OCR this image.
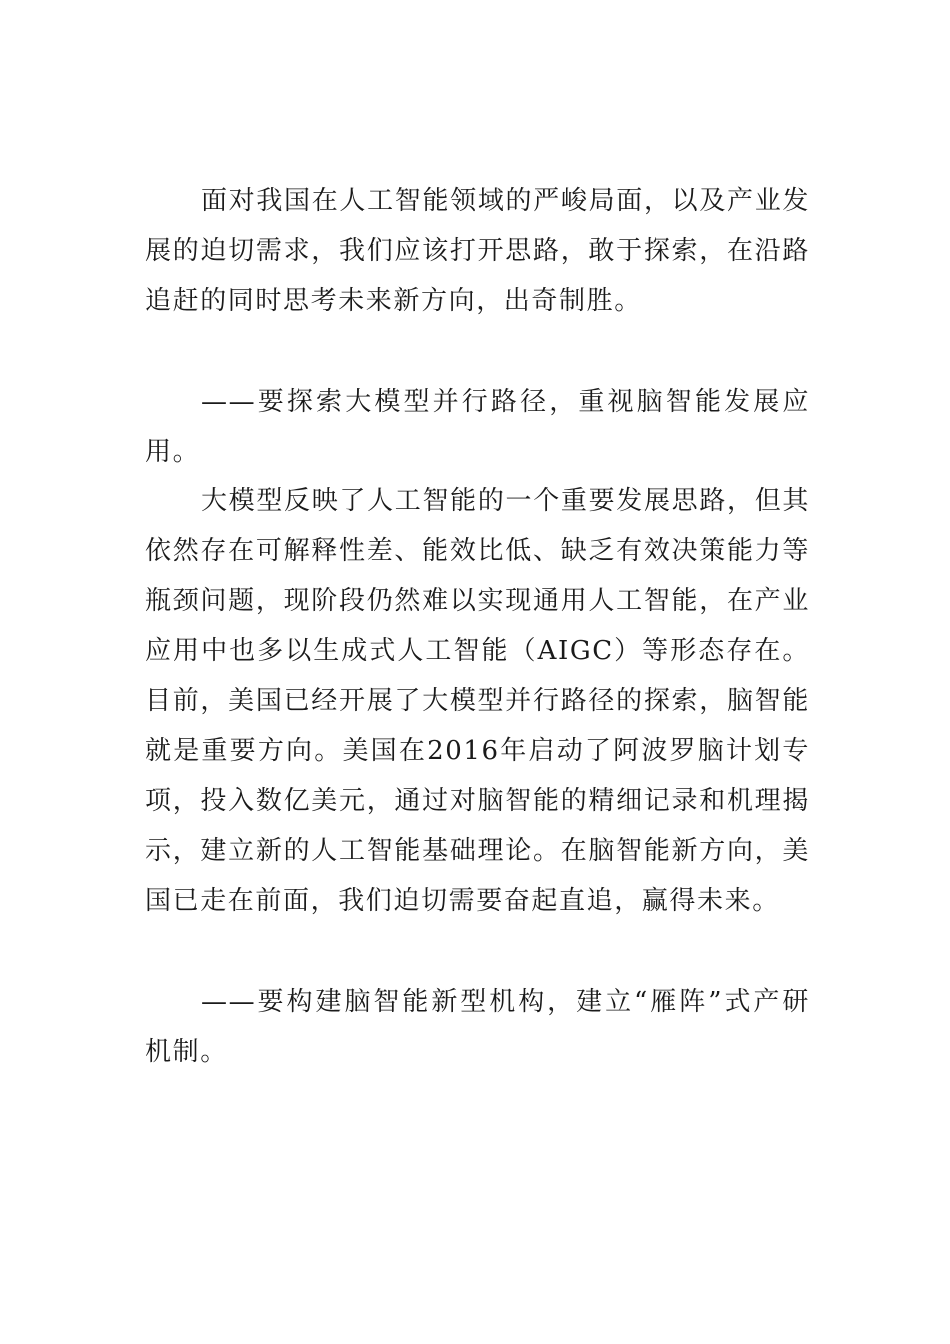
面对我国在人工智能领域的严峻局面，以及产业发展的迫切需求，我们应该打开思路，敢于探索，在沿路追赶的同时思考未来新方向，出奇制胜。

——要探索大模型并行路径，重视脑智能发展应用。

大模型反映了人工智能的一个重要发展思路，但其依然存在可解释性差、能效比低、缺乏有效决策能力等瓶颈问题，现阶段仍然难以实现通用人工智能，在产业应用中也多以生成式人工智能（AIGC）等形态存在。目前，美国已经开展了大模型并行路径的探索，脑智能就是重要方向。美国在2016年启动了阿波罗脑计划专项，投入数亿美元，通过对脑智能的精细记录和机理揭示，建立新的人工智能基础理论。在脑智能新方向，美国已走在前面，我们迫切需要奋起直追，赢得未来。

——要构建脑智能新型机构，建立“雁阵”式产研机制。
